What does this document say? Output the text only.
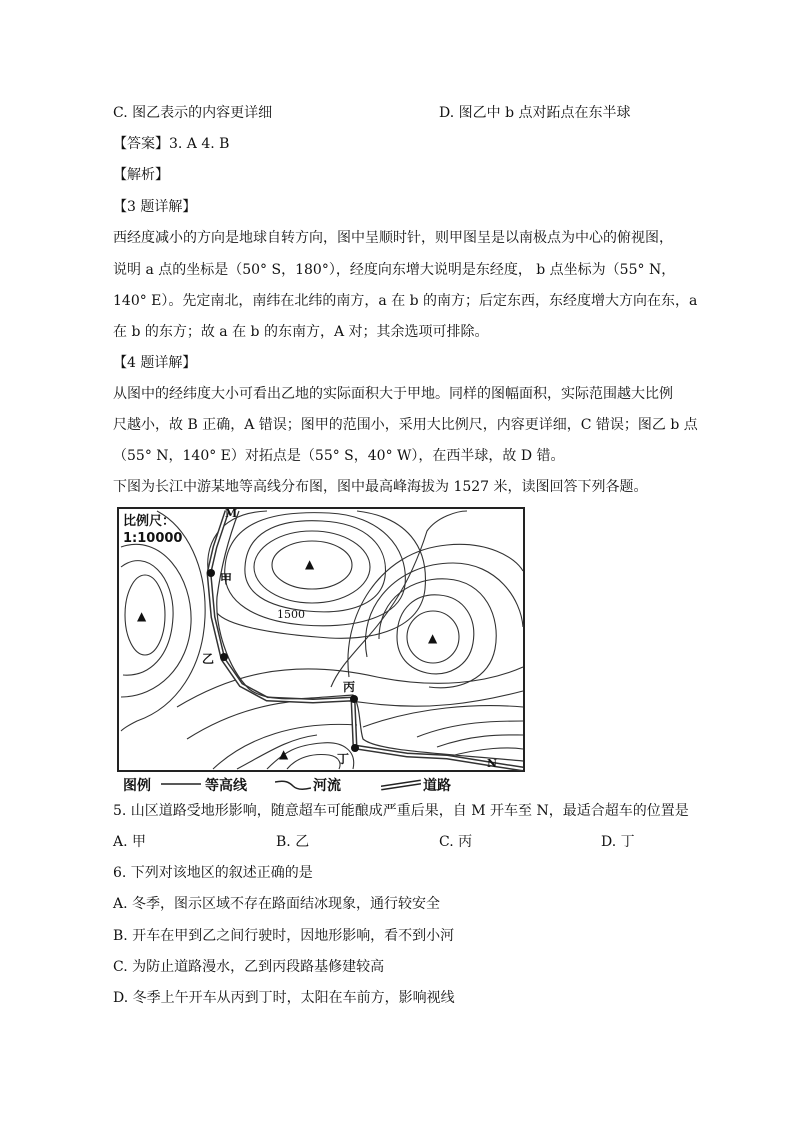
C. 图乙表示的内容更详细	D. 图乙中 b 点对跖点在东半球
【答案】3. A 4. B
【解析】
【3 题详解】
西经度减小的方向是地球自转方向，图中呈顺时针，则甲图呈是以南极点为中心的俯视图，
说明 a 点的坐标是（50° S，180°），经度向东增大说明是东经度， b 点坐标为（55° N，
140° E）。先定南北，南纬在北纬的南方，a 在 b 的南方；后定东西，东经度增大方向在东，a
在 b 的东方；故 a 在 b 的东南方，A 对；其余选项可排除。
【4 题详解】
从图中的经纬度大小可看出乙地的实际面积大于甲地。同样的图幅面积，实际范围越大比例
尺越小，故 B 正确，A 错误；图甲的范围小，采用大比例尺，内容更详细，C 错误；图乙 b 点
（55° N，140° E）对拓点是（55° S，40° W），在西半球，故 D 错。
下图为长江中游某地等高线分布图，图中最高峰海拔为 1527 米，读图回答下列各题。
比例尺：
1:10000
M
甲
乙
丙
丁	N
1500
▲
▲
▲
▲
图例	等高线	河流	道路
5. 山区道路受地形影响，随意超车可能酿成严重后果，自 M 开车至 N，最适合超车的位置是
A. 甲	B. 乙	C. 丙	D. 丁
6. 下列对该地区的叙述正确的是
A. 冬季，图示区域不存在路面结冰现象，通行较安全
B. 开车在甲到乙之间行驶时，因地形影响，看不到小河
C. 为防止道路漫水，乙到丙段路基修建较高
D. 冬季上午开车从丙到丁时，太阳在车前方，影响视线
